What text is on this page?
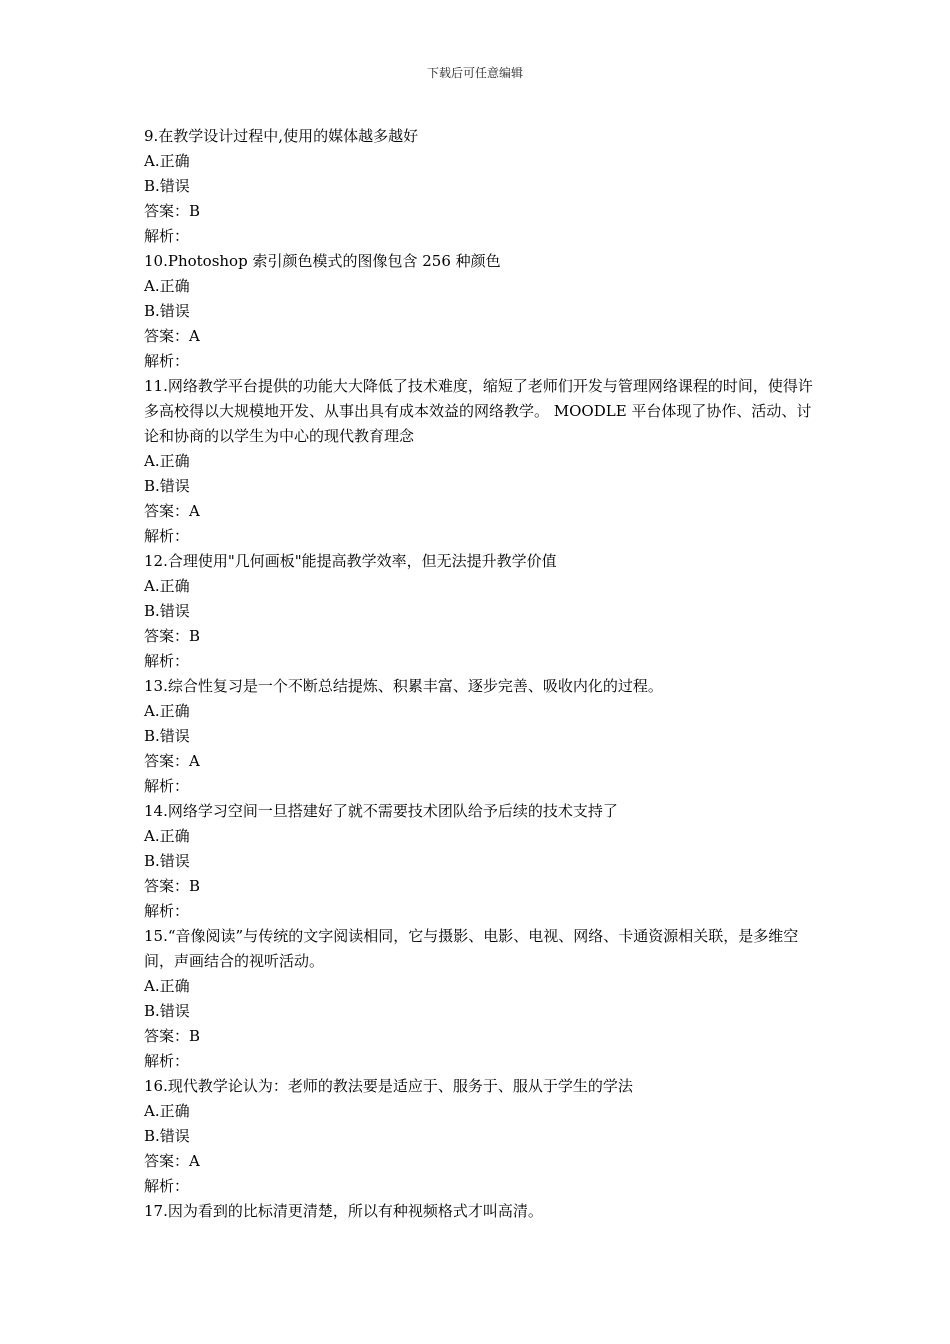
下载后可任意编辑

9.在教学设计过程中,使用的媒体越多越好

A.正确

B.错误

答案：B

解析：

10.Photoshop 索引颜色模式的图像包含 256 种颜色

A.正确

B.错误

答案：A

解析：

11.网络教学平台提供的功能大大降低了技术难度，缩短了老师们开发与管理网络课程的时间，使得许多高校得以大规模地开发、从事出具有成本效益的网络教学。 MOODLE 平台体现了协作、活动、讨论和协商的以学生为中心的现代教育理念

A.正确

B.错误

答案：A

解析：

12.合理使用"几何画板"能提高教学效率，但无法提升教学价值

A.正确

B.错误

答案：B

解析：

13.综合性复习是一个不断总结提炼、积累丰富、逐步完善、吸收内化的过程。

A.正确

B.错误

答案：A

解析：

14.网络学习空间一旦搭建好了就不需要技术团队给予后续的技术支持了

A.正确

B.错误

答案：B

解析：

15.“音像阅读”与传统的文字阅读相同，它与摄影、电影、电视、网络、卡通资源相关联，是多维空间，声画结合的视听活动。

A.正确

B.错误

答案：B

解析：

16.现代教学论认为：老师的教法要是适应于、服务于、服从于学生的学法

A.正确

B.错误

答案：A

解析：

17.因为看到的比标清更清楚，所以有种视频格式才叫高清。
